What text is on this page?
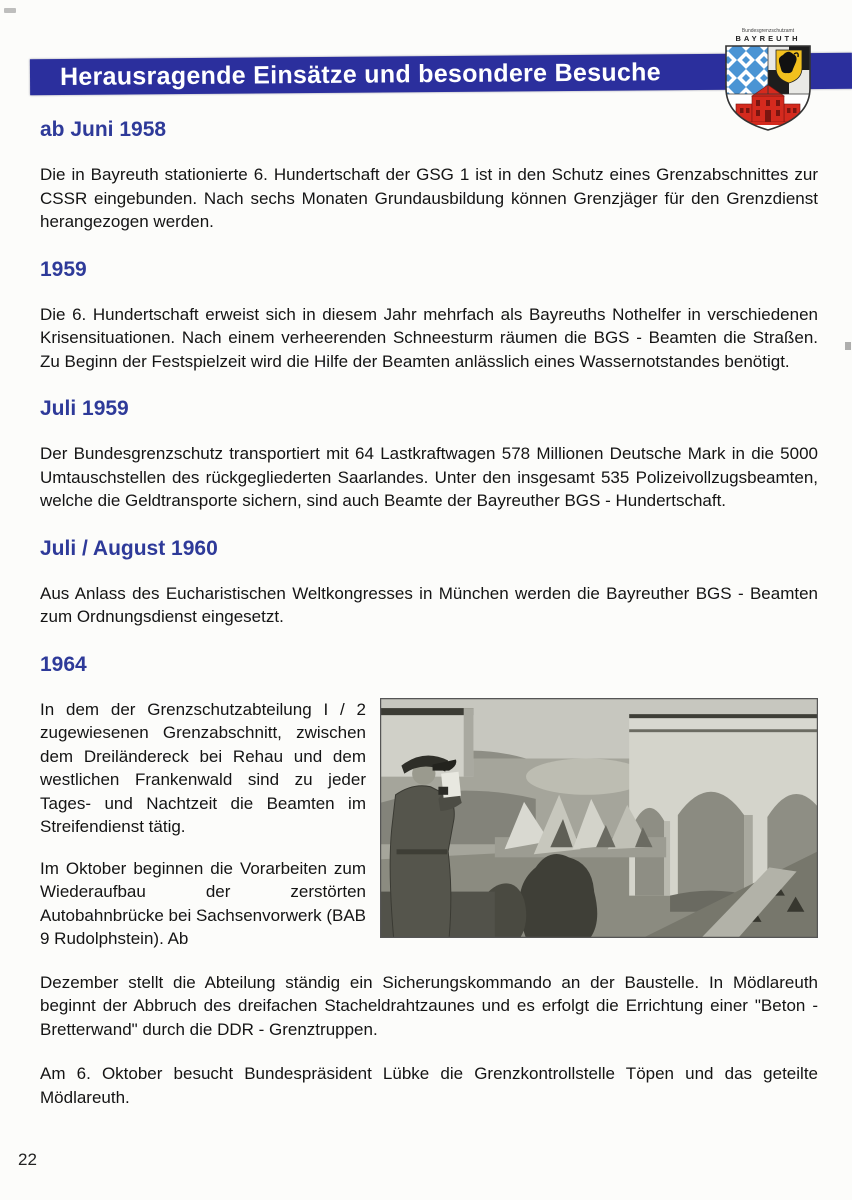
Herausragende Einsätze und besondere Besuche
Bundesgrenzschutzamt
BAYREUTH
ab Juni 1958

Die in Bayreuth stationierte 6. Hundertschaft der GSG 1 ist in den Schutz eines Grenzabschnittes zur CSSR eingebunden. Nach sechs Monaten Grundausbildung können Grenzjäger für den Grenzdienst herangezogen werden.

1959

Die 6. Hundertschaft erweist sich in diesem Jahr mehrfach als Bayreuths Nothelfer in verschiedenen Krisensituationen. Nach einem verheerenden Schneesturm räumen die BGS - Beamten die Straßen. Zu Beginn der Festspielzeit wird die Hilfe der Beamten anlässlich eines Wassernotstandes benötigt.

Juli 1959

Der Bundesgrenzschutz transportiert mit 64 Lastkraftwagen 578 Millionen Deutsche Mark in die 5000 Umtauschstellen des rückgegliederten Saarlandes. Unter den insgesamt 535 Polizeivollzugsbeamten, welche die Geldtransporte sichern, sind auch Beamte der Bayreuther BGS - Hundertschaft.

Juli / August 1960

Aus Anlass des Eucharistischen Weltkongresses in München werden die Bayreuther BGS - Beamten zum Ordnungsdienst eingesetzt.

1964

In dem der Grenzschutzabteilung I / 2 zugewiesenen Grenzabschnitt, zwischen dem Dreiländereck bei Rehau und dem westlichen Frankenwald sind zu jeder Tages- und Nachtzeit die Beamten im Streifendienst tätig.

Im Oktober beginnen die Vorarbeiten zum Wiederaufbau der zerstörten Autobahnbrücke bei Sachsenvorwerk (BAB 9 Rudolphstein). Ab

Dezember stellt die Abteilung ständig ein Sicherungskommando an der Baustelle. In Mödlareuth beginnt der Abbruch des dreifachen Stacheldrahtzaunes und es erfolgt die Errichtung einer "Beton - Bretterwand" durch die DDR - Grenztruppen.

Am 6. Oktober besucht Bundespräsident Lübke die Grenzkontrollstelle Töpen und das geteilte Mödlareuth.

22
